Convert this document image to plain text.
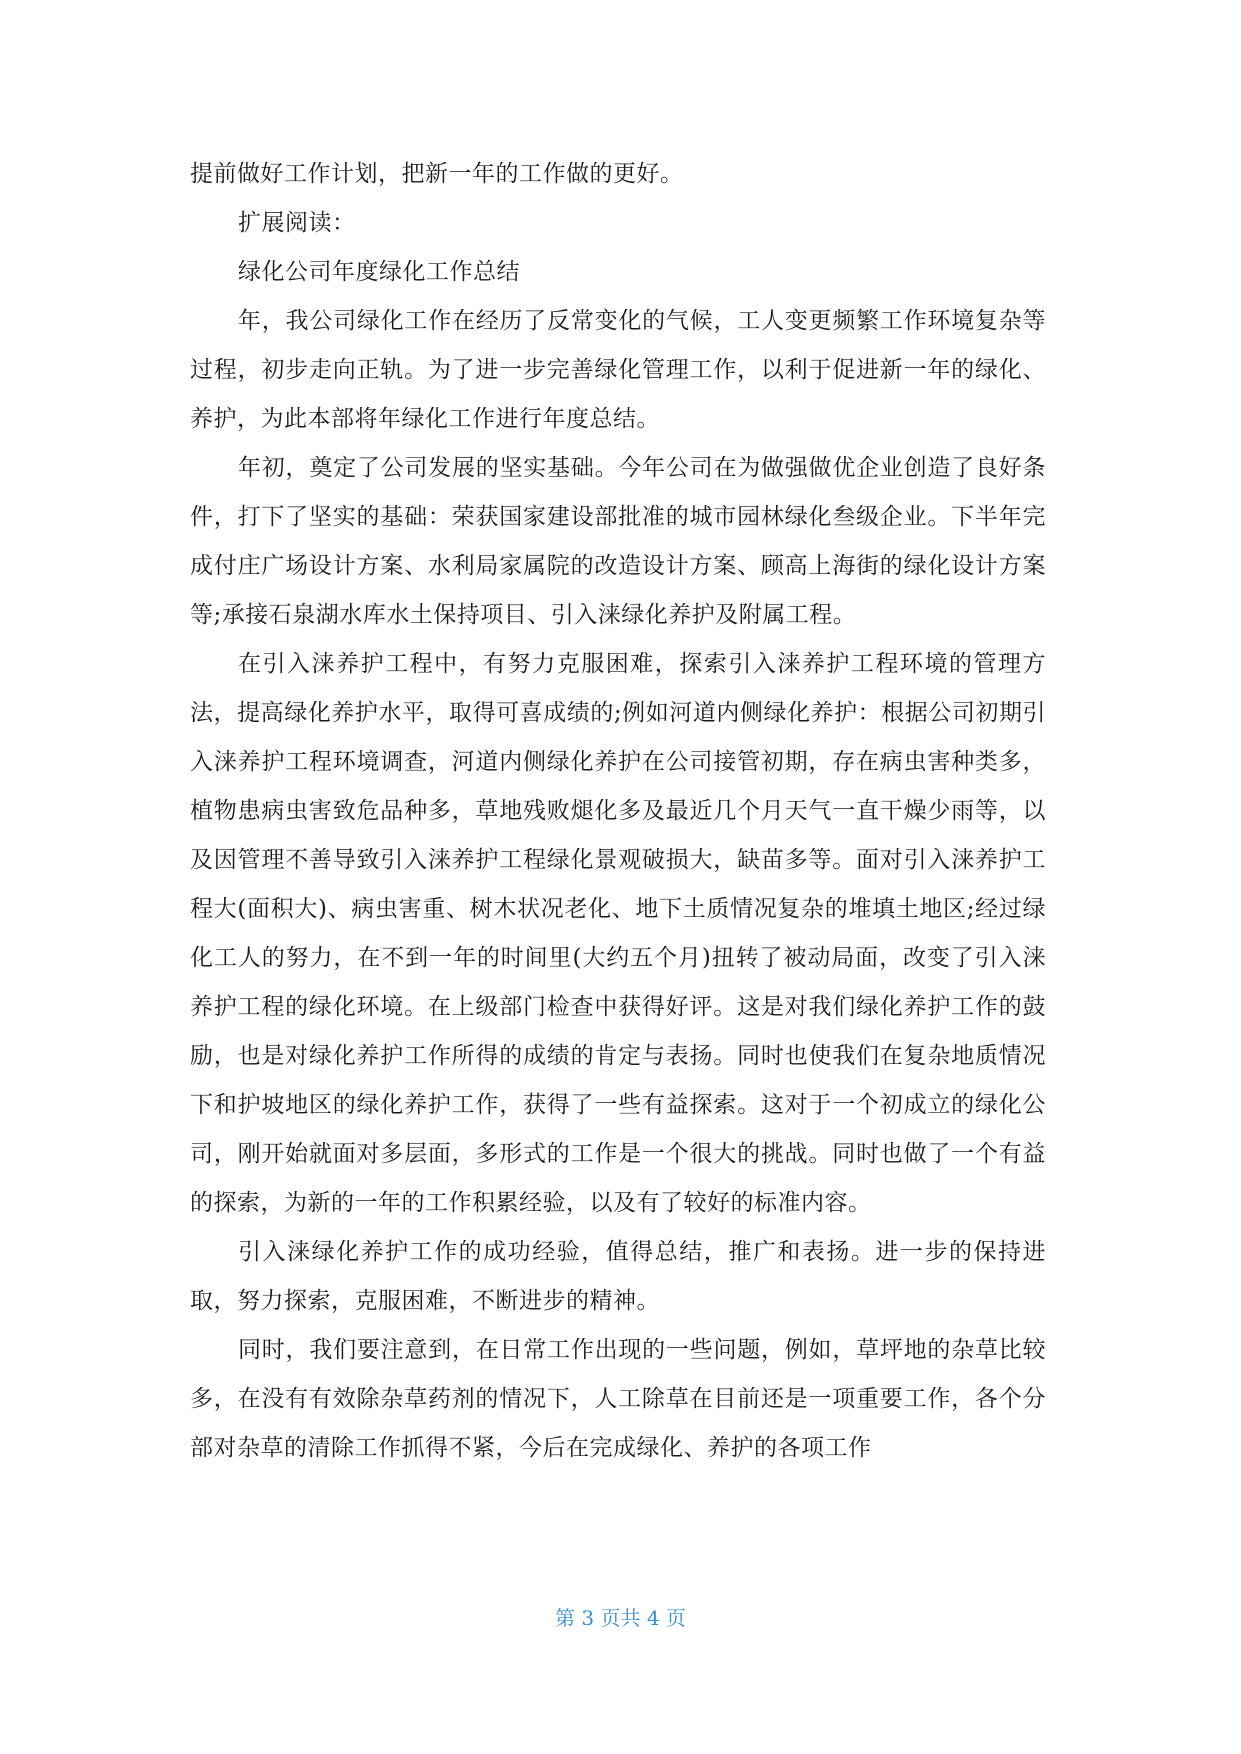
提前做好工作计划，把新一年的工作做的更好。

扩展阅读：

绿化公司年度绿化工作总结

年，我公司绿化工作在经历了反常变化的气候，工人变更频繁工作环境复杂等过程，初步走向正轨。为了进一步完善绿化管理工作，以利于促进新一年的绿化、养护，为此本部将年绿化工作进行年度总结。

年初，奠定了公司发展的坚实基础。今年公司在为做强做优企业创造了良好条件，打下了坚实的基础：荣获国家建设部批准的城市园林绿化叁级企业。下半年完成付庄广场设计方案、水利局家属院的改造设计方案、顾高上海街的绿化设计方案等;承接石泉湖水库水土保持项目、引入涞绿化养护及附属工程。

在引入涞养护工程中，有努力克服困难，探索引入涞养护工程环境的管理方法，提高绿化养护水平，取得可喜成绩的;例如河道内侧绿化养护：根据公司初期引入涞养护工程环境调查，河道内侧绿化养护在公司接管初期，存在病虫害种类多，植物患病虫害致危品种多，草地残败煺化多及最近几个月天气一直干燥少雨等，以及因管理不善导致引入涞养护工程绿化景观破损大，缺苗多等。面对引入涞养护工程大(面积大)、病虫害重、树木状况老化、地下土质情况复杂的堆填土地区;经过绿化工人的努力，在不到一年的时间里(大约五个月)扭转了被动局面，改变了引入涞养护工程的绿化环境。在上级部门检查中获得好评。这是对我们绿化养护工作的鼓励，也是对绿化养护工作所得的成绩的肯定与表扬。同时也使我们在复杂地质情况下和护坡地区的绿化养护工作，获得了一些有益探索。这对于一个初成立的绿化公司，刚开始就面对多层面，多形式的工作是一个很大的挑战。同时也做了一个有益的探索，为新的一年的工作积累经验，以及有了较好的标准内容。

引入涞绿化养护工作的成功经验，值得总结，推广和表扬。进一步的保持进取，努力探索，克服困难，不断进步的精神。

同时，我们要注意到，在日常工作出现的一些问题，例如，草坪地的杂草比较多，在没有有效除杂草药剂的情况下，人工除草在目前还是一项重要工作，各个分部对杂草的清除工作抓得不紧，今后在完成绿化、养护的各项工作

第 3 页共 4 页
